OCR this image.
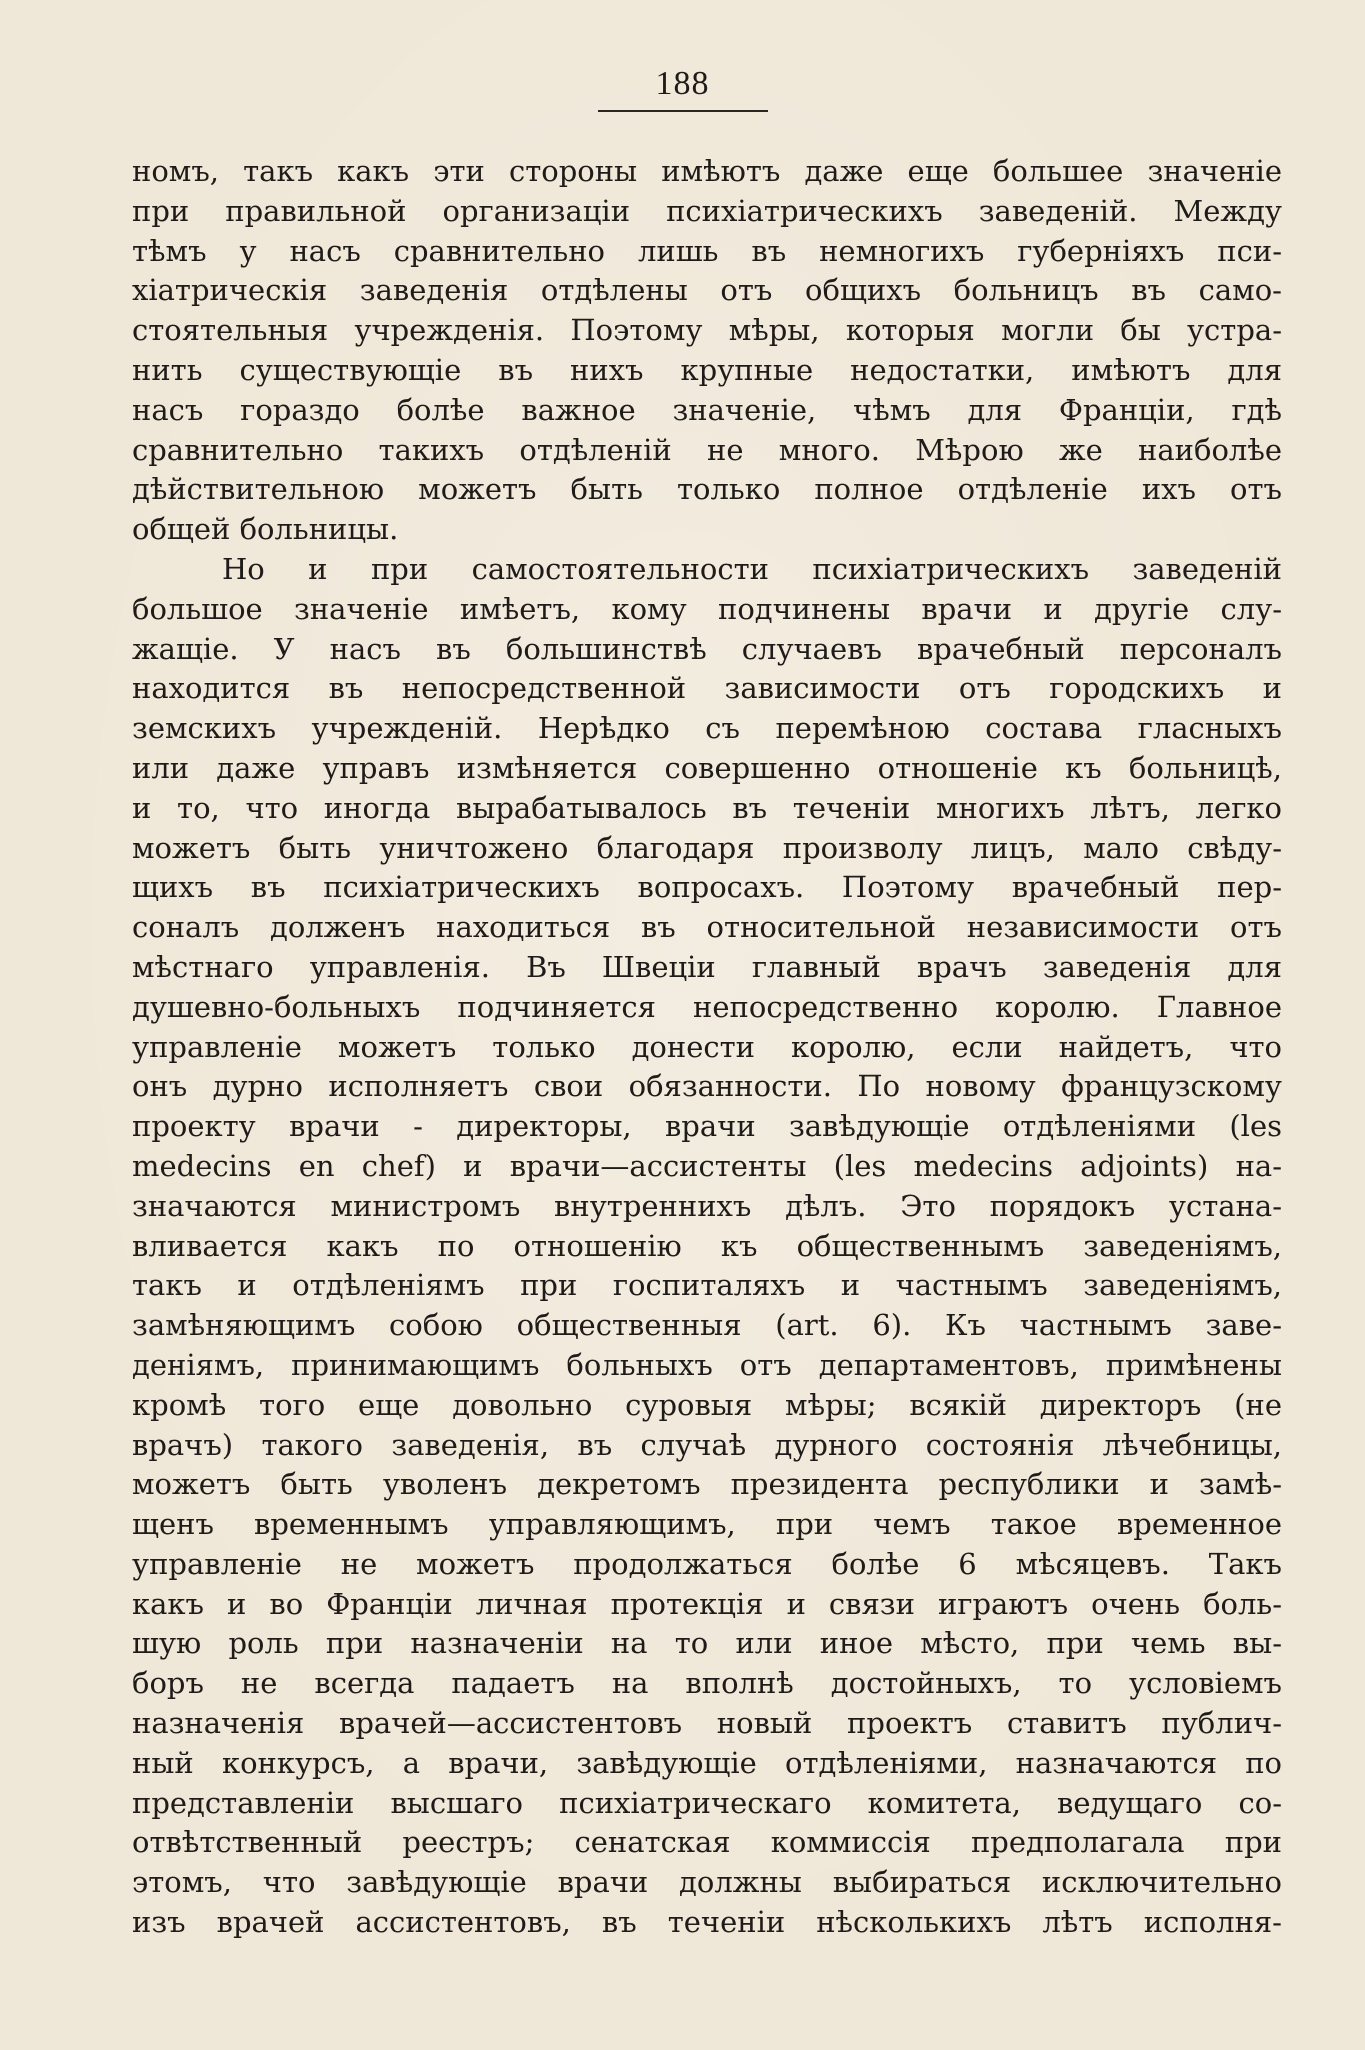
188
номъ, такъ какъ эти стороны имѣютъ даже еще большее значеніе
при правильной организаціи психіатрическихъ заведеній. Между
тѣмъ у насъ сравнительно лишь въ немногихъ губерніяхъ пси-
хіатрическія заведенія отдѣлены отъ общихъ больницъ въ само-
стоятельныя учрежденія. Поэтому мѣры, которыя могли бы устра-
нить существующіе въ нихъ крупные недостатки, имѣютъ для
насъ гораздо болѣе важное значеніе, чѣмъ для Франціи, гдѣ
сравнительно такихъ отдѣленій не много. Мѣрою же наиболѣе
дѣйствительною можетъ быть только полное отдѣленіе ихъ отъ
общей больницы.
Но и при самостоятельности психіатрическихъ заведеній
большое значеніе имѣетъ, кому подчинены врачи и другіе слу-
жащіе. У насъ въ большинствѣ случаевъ врачебный персоналъ
находится въ непосредственной зависимости отъ городскихъ и
земскихъ учрежденій. Нерѣдко съ перемѣною состава гласныхъ
или даже управъ измѣняется совершенно отношеніе къ больницѣ,
и то, что иногда вырабатывалось въ теченіи многихъ лѣтъ, легко
можетъ быть уничтожено благодаря произволу лицъ, мало свѣду-
щихъ въ психіатрическихъ вопросахъ. Поэтому врачебный пер-
соналъ долженъ находиться въ относительной независимости отъ
мѣстнаго управленія. Въ Швеціи главный врачъ заведенія для
душевно-больныхъ подчиняется непосредственно королю. Главное
управленіе можетъ только донести королю, если найдетъ, что
онъ дурно исполняетъ свои обязанности. По новому французскому
проекту врачи - директоры, врачи завѣдующіе отдѣленіями (les
medecins en chef) и врачи—ассистенты (les medecins adjoints) на-
значаются министромъ внутреннихъ дѣлъ. Это порядокъ устана-
вливается какъ по отношенію къ общественнымъ заведеніямъ,
такъ и отдѣленіямъ при госпиталяхъ и частнымъ заведеніямъ,
замѣняющимъ собою общественныя (art. 6). Къ частнымъ заве-
деніямъ, принимающимъ больныхъ отъ департаментовъ, примѣнены
кромѣ того еще довольно суровыя мѣры; всякій директоръ (не
врачъ) такого заведенія, въ случаѣ дурного состоянія лѣчебницы,
можетъ быть уволенъ декретомъ президента республики и замѣ-
щенъ временнымъ управляющимъ, при чемъ такое временное
управленіе не можетъ продолжаться болѣе 6 мѣсяцевъ. Такъ
какъ и во Франціи личная протекція и связи играютъ очень боль-
шую роль при назначеніи на то или иное мѣсто, при чемь вы-
боръ не всегда падаетъ на вполнѣ достойныхъ, то условіемъ
назначенія врачей—ассистентовъ новый проектъ ставитъ публич-
ный конкурсъ, а врачи, завѣдующіе отдѣленіями, назначаются по
представленіи высшаго психіатрическаго комитета, ведущаго со-
отвѣтственный реестръ; сенатская коммиссія предполагала при
этомъ, что завѣдующіе врачи должны выбираться исключительно
изъ врачей ассистентовъ, въ теченіи нѣсколькихъ лѣтъ исполня-
